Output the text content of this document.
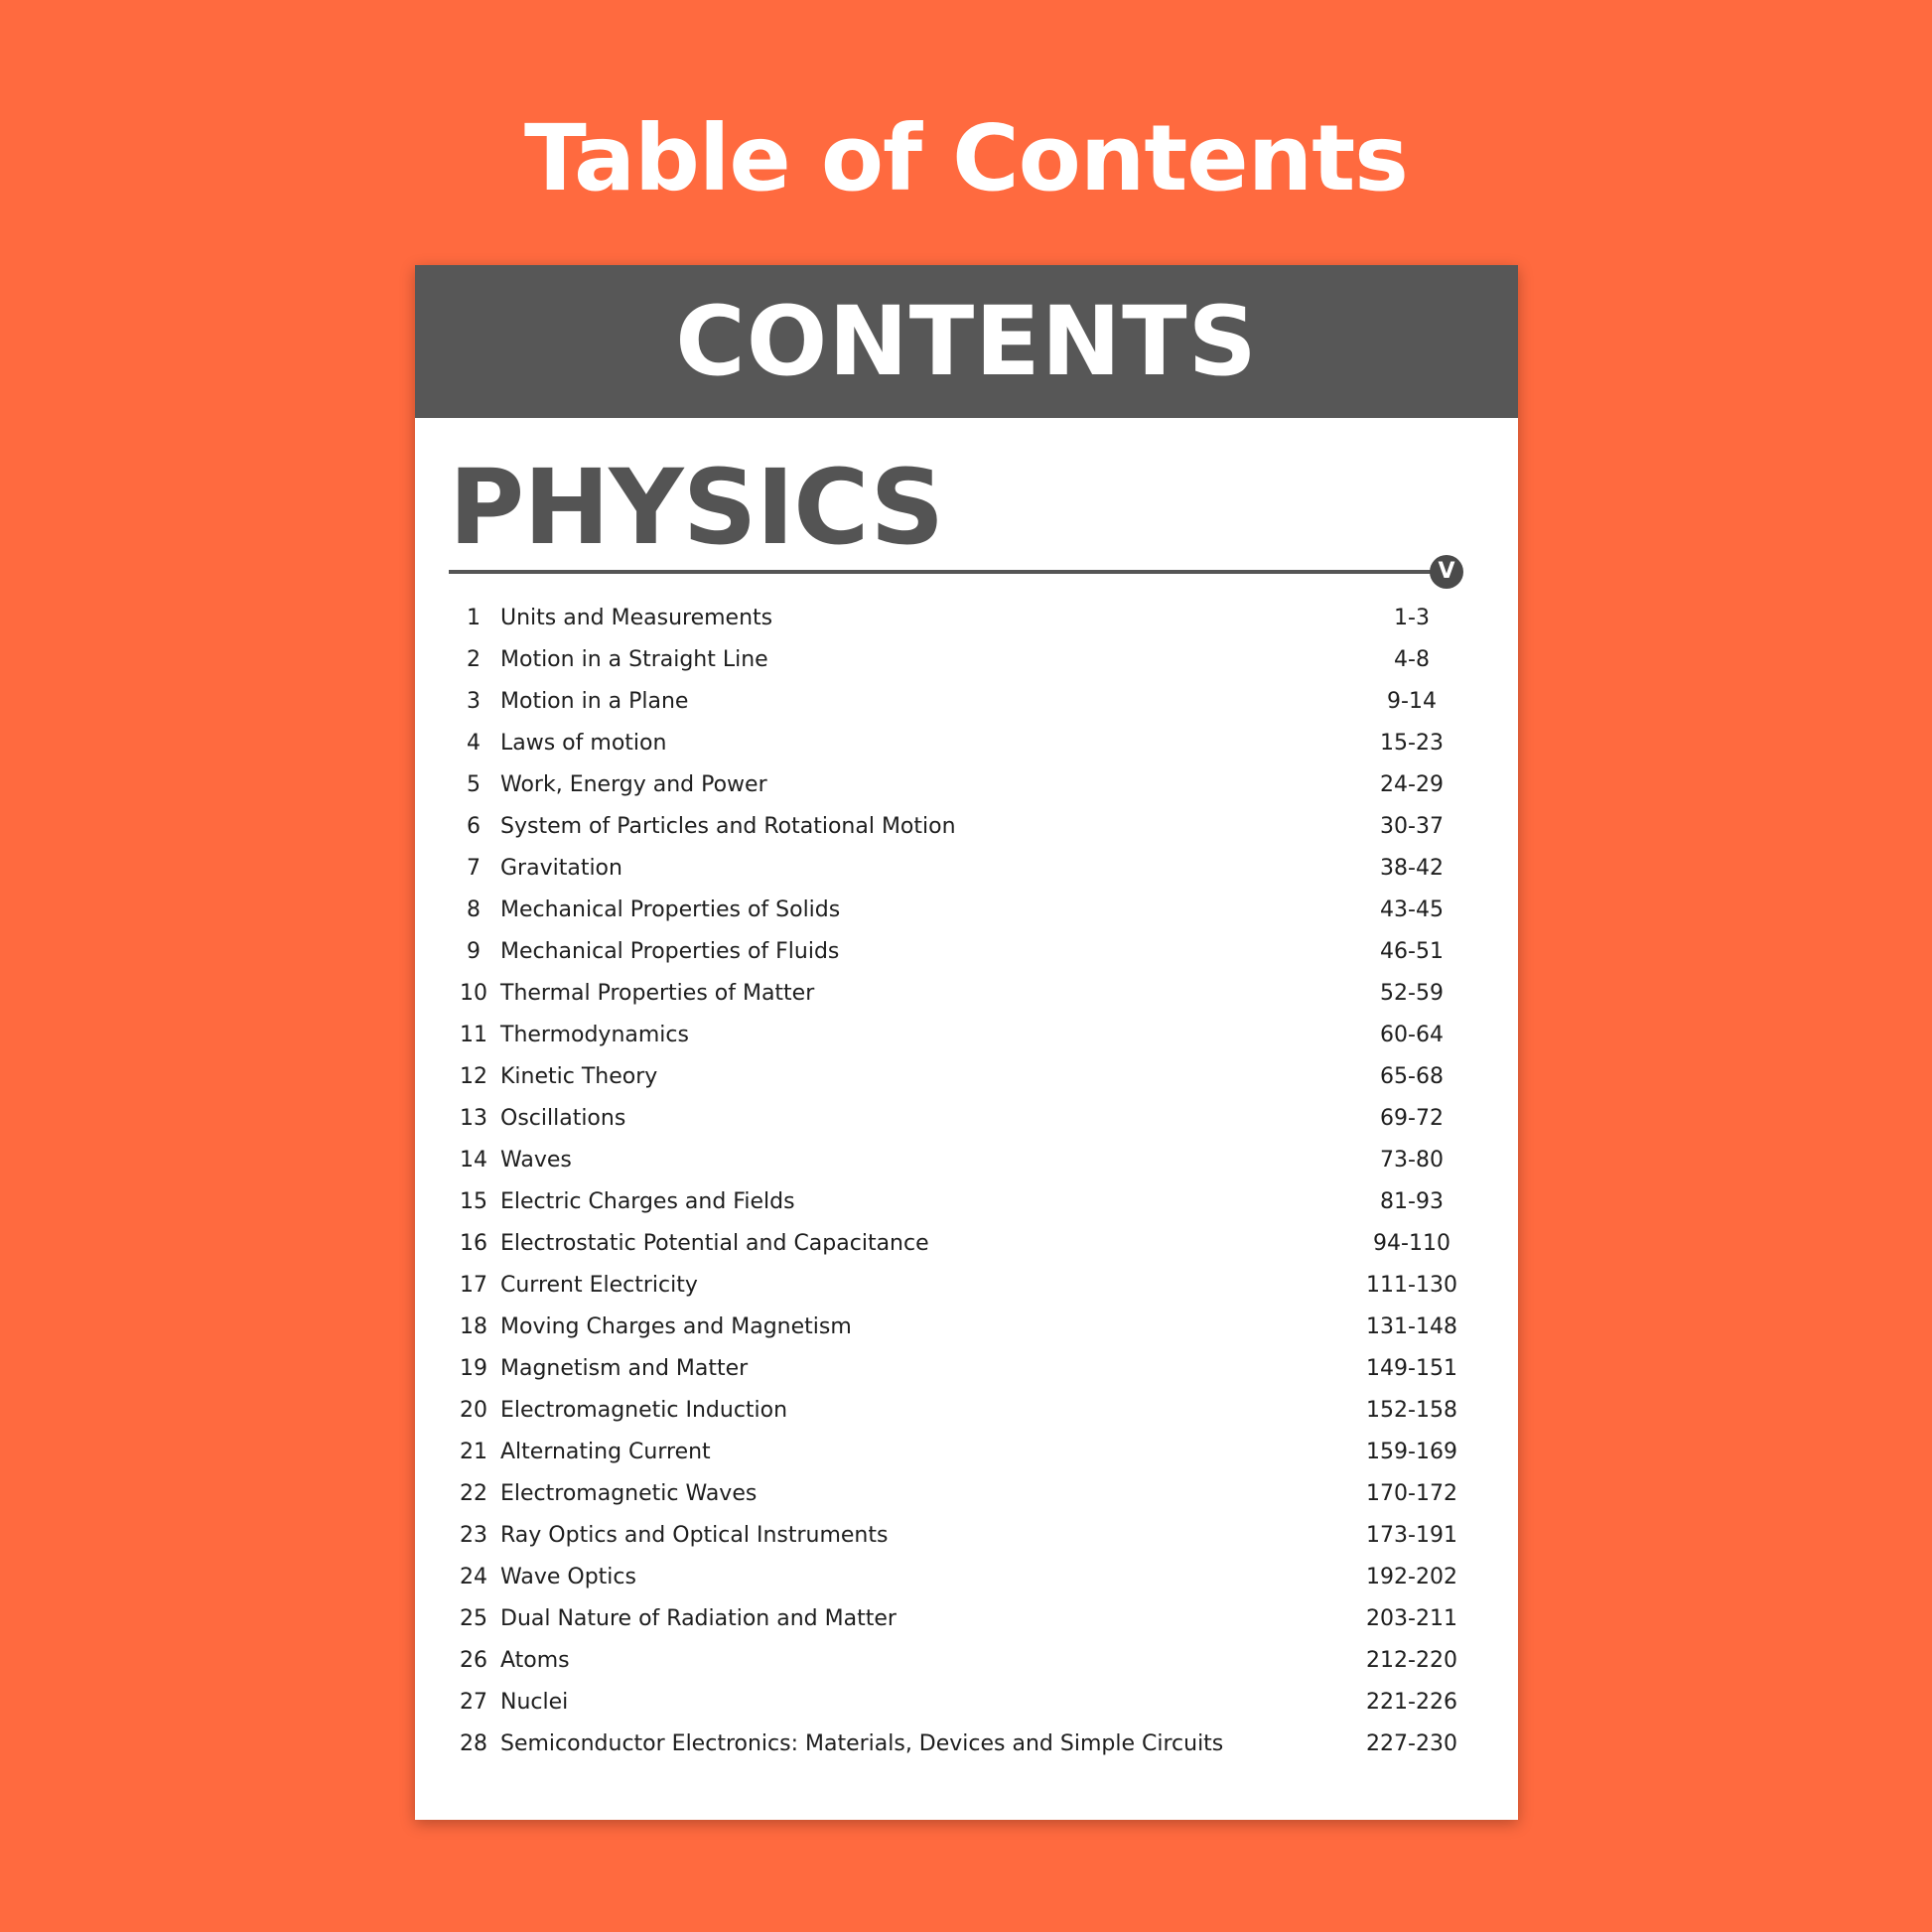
Table of Contents
CONTENTS
PHYSICS
V
1 Units and Measurements	1-3
2 Motion in a Straight Line	4-8
3 Motion in a Plane	9-14
4 Laws of motion	15-23
5 Work, Energy and Power	24-29
6 System of Particles and Rotational Motion	30-37
7 Gravitation	38-42
8 Mechanical Properties of Solids	43-45
9 Mechanical Properties of Fluids	46-51
10 Thermal Properties of Matter	52-59
11 Thermodynamics	60-64
12 Kinetic Theory	65-68
13 Oscillations	69-72
14 Waves	73-80
15 Electric Charges and Fields	81-93
16 Electrostatic Potential and Capacitance	94-110
17 Current Electricity	111-130
18 Moving Charges and Magnetism	131-148
19 Magnetism and Matter	149-151
20 Electromagnetic Induction	152-158
21 Alternating Current	159-169
22 Electromagnetic Waves	170-172
23 Ray Optics and Optical Instruments	173-191
24 Wave Optics	192-202
25 Dual Nature of Radiation and Matter	203-211
26 Atoms	212-220
27 Nuclei	221-226
28 Semiconductor Electronics: Materials, Devices and Simple Circuits	227-230
